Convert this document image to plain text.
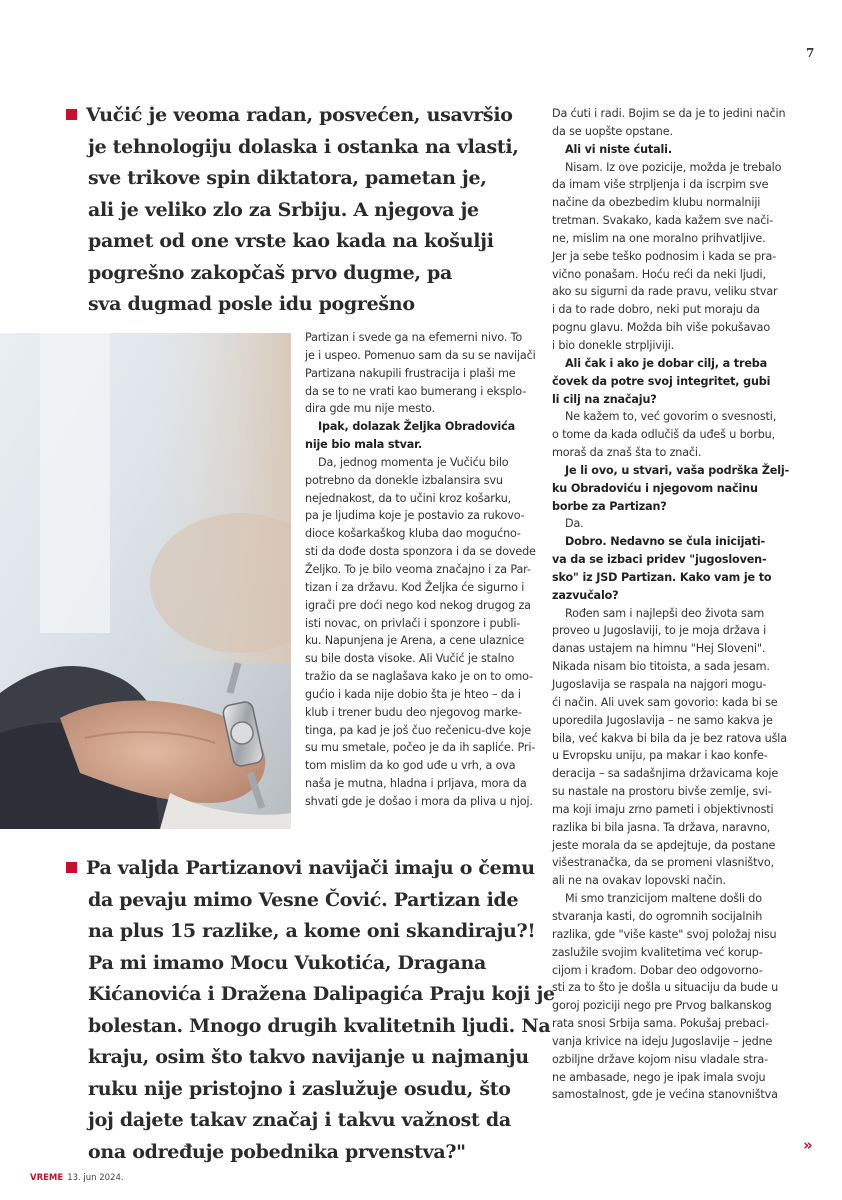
7
Vučić je veoma radan, posvećen, usavršio
je tehnologiju dolaska i ostanka na vlasti,
sve trikove spin diktatora, pametan je,
ali je veliko zlo za Srbiju. A njegova je
pamet od one vrste kao kada na košulji
pogrešno zakopčaš prvo dugme, pa
sva dugmad posle idu pogrešno

Partizan i svede ga na efemerni nivo. To
je i uspeo. Pomenuo sam da su se navijači
Partizana nakupili frustracija i plaši me
da se to ne vrati kao bumerang i eksplo-
dira gde mu nije mesto.

Ipak, dolazak Željka Obradovića
nije bio mala stvar.

Da, jednog momenta je Vučiću bilo
potrebno da donekle izbalansira svu
nejednakost, da to učini kroz košarku,
pa je ljudima koje je postavio za rukovo-
dioce košarkaškog kluba dao mogućno-
sti da dođe dosta sponzora i da se dovede
Željko. To je bilo veoma značajno i za Par-
tizan i za državu. Kod Željka će sigurno i
igrači pre doći nego kod nekog drugog za
isti novac, on privlači i sponzore i publi-
ku. Napunjena je Arena, a cene ulaznice
su bile dosta visoke. Ali Vučić je stalno
tražio da se naglašava kako je on to omo-
gućio i kada nije dobio šta je hteo – da i
klub i trener budu deo njegovog marke-
tinga, pa kad je još čuo rečenicu-dve koje
su mu smetale, počeo je da ih sapliće. Pri-
tom mislim da ko god uđe u vrh, a ova
naša je mutna, hladna i prljava, mora da
shvati gde je došao i mora da pliva u njoj.

Da ćuti i radi. Bojim se da je to jedini način
da se uopšte opstane.

Ali vi niste ćutali.

Nisam. Iz ove pozicije, možda je trebalo
da imam više strpljenja i da iscrpim sve
načine da obezbedim klubu normalniji
tretman. Svakako, kada kažem sve nači-
ne, mislim na one moralno prihvatljive.
Jer ja sebe teško podnosim i kada se pra-
vično ponašam. Hoću reći da neki ljudi,
ako su sigurni da rade pravu, veliku stvar
i da to rade dobro, neki put moraju da
pognu glavu. Možda bih više pokušavao
i bio donekle strpljiviji.

Ali čak i ako je dobar cilj, a treba
čovek da potre svoj integritet, gubi
li cilj na značaju?

Ne kažem to, već govorim o svesnosti,
o tome da kada odlučiš da uđeš u borbu,
moraš da znaš šta to znači.

Je li ovo, u stvari, vaša podrška Želj-
ku Obradoviću i njegovom načinu
borbe za Partizan?

Da.

Dobro. Nedavno se čula inicijati-
va da se izbaci pridev "jugosloven-
sko" iz JSD Partizan. Kako vam je to
zazvučalo?

Rođen sam i najlepši deo života sam
proveo u Jugoslaviji, to je moja država i
danas ustajem na himnu "Hej Sloveni".
Nikada nisam bio titoista, a sada jesam.
Jugoslavija se raspala na najgori mogu-
ći način. Ali uvek sam govorio: kada bi se
uporedila Jugoslavija – ne samo kakva je
bila, već kakva bi bila da je bez ratova ušla
u Evropsku uniju, pa makar i kao konfe-
deracija – sa sadašnjima državicama koje
su nastale na prostoru bivše zemlje, svi-
ma koji imaju zrno pameti i objektivnosti
razlika bi bila jasna. Ta država, naravno,
jeste morala da se apdejtuje, da postane
višestranačka, da se promeni vlasništvo,
ali ne na ovakav lopovski način.

Mi smo tranzicijom maltene došli do
stvaranja kasti, do ogromnih socijalnih
razlika, gde "više kaste" svoj položaj nisu
zaslužile svojim kvalitetima već korup-
cijom i krađom. Dobar deo odgovorno-
sti za to što je došla u situaciju da bude u
goroj poziciji nego pre Prvog balkanskog
rata snosi Srbija sama. Pokušaj prebaci-
vanja krivice na ideju Jugoslavije – jedne
ozbiljne države kojom nisu vladale stra-
ne ambasade, nego je ipak imala svoju
samostalnost, gde je većina stanovništva

Pa valjda Partizanovi navijači imaju o čemu
da pevaju mimo Vesne Čović. Partizan ide
na plus 15 razlike, a kome oni skandiraju?!
Pa mi imamo Mocu Vukotića, Dragana
Kićanovića i Dražena Dalipagića Praju koji je
bolestan. Mnogo drugih kvalitetnih ljudi. Na
kraju, osim što takvo navijanje u najmanju
ruku nije pristojno i zaslužuje osudu, što
joj dajete takav značaj i takvu važnost da
ona određuje pobednika prvenstva?"	»
VREME 13. jun 2024.
